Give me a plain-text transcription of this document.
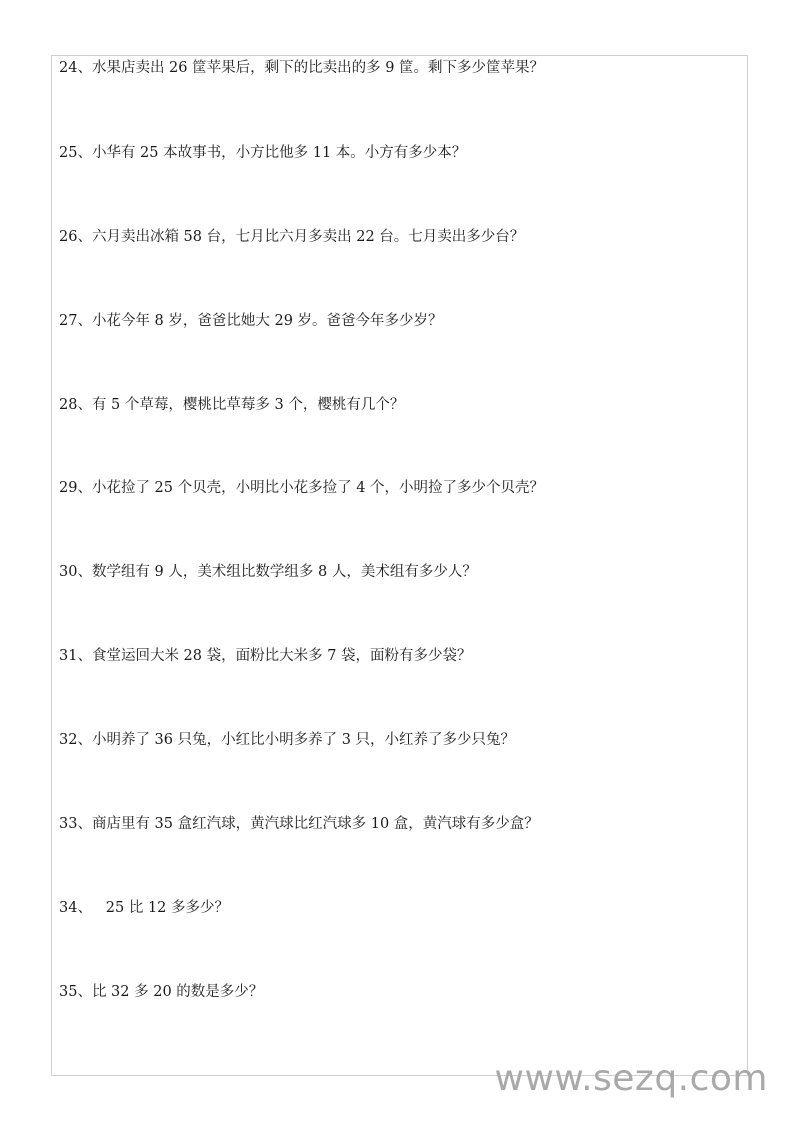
24、水果店卖出 26 筐苹果后，剩下的比卖出的多 9 筐。剩下多少筐苹果？

25、小华有 25 本故事书，小方比他多 11 本。小方有多少本？

26、六月卖出冰箱 58 台，七月比六月多卖出 22 台。七月卖出多少台？

27、小花今年 8 岁，爸爸比她大 29 岁。爸爸今年多少岁？

28、有 5 个草莓，樱桃比草莓多 3 个，樱桃有几个？

29、小花捡了 25 个贝壳，小明比小花多捡了 4 个，小明捡了多少个贝壳？

30、数学组有 9 人，美术组比数学组多 8 人，美术组有多少人？

31、食堂运回大米 28 袋，面粉比大米多 7 袋，面粉有多少袋？

32、小明养了 36 只兔，小红比小明多养了 3 只，小红养了多少只兔？

33、商店里有 35 盒红汽球，黄汽球比红汽球多 10 盒，黄汽球有多少盒？

34、   25 比 12 多多少？

35、比 32 多 20 的数是多少？

www.sezq.com
